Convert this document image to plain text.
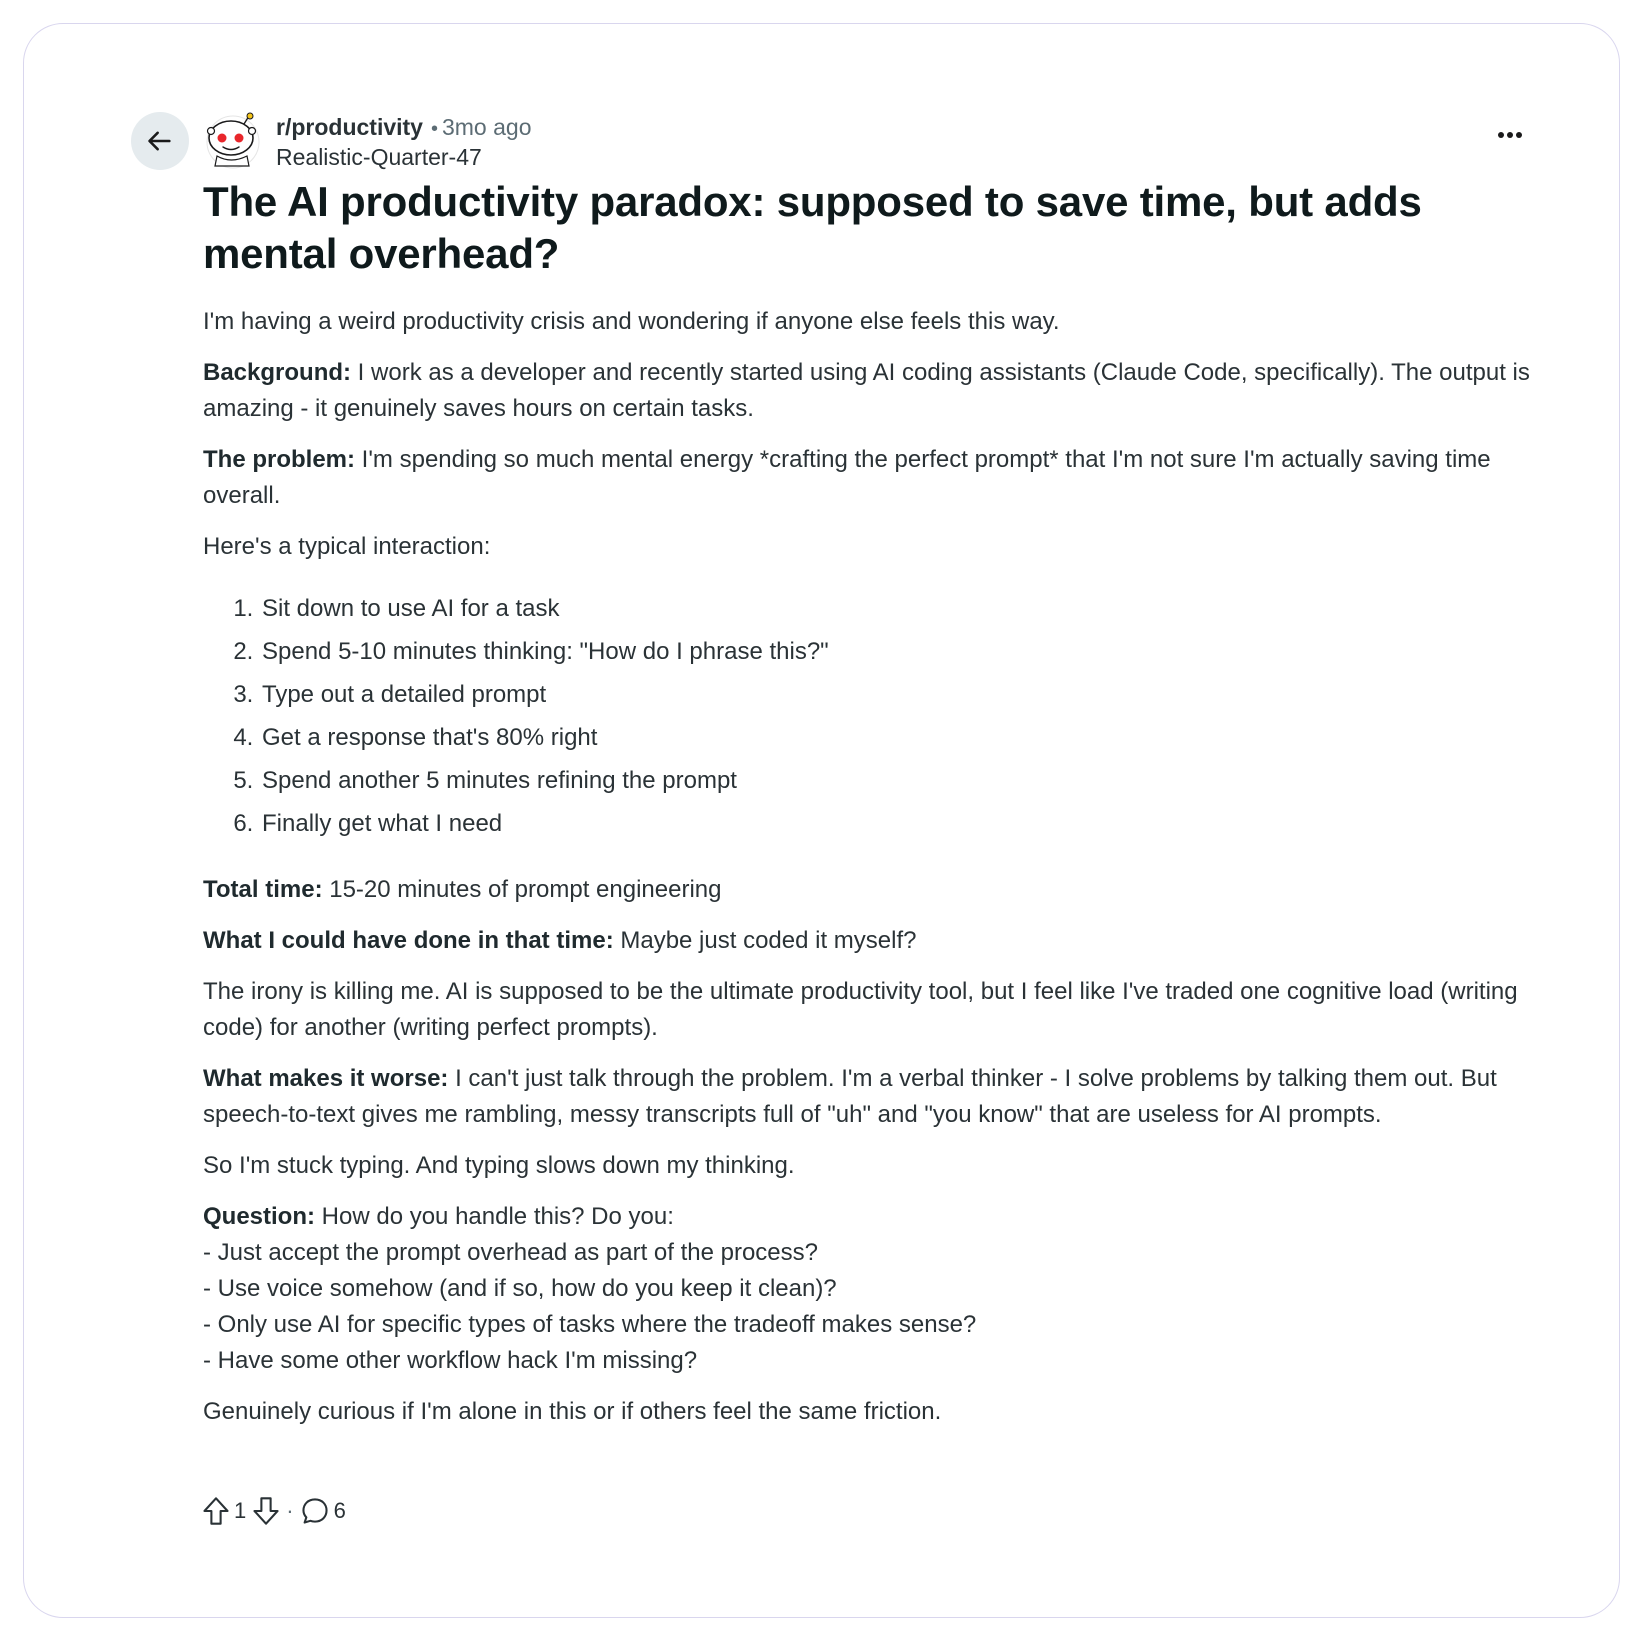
r/productivity • 3mo ago
Realistic-Quarter-47
The AI productivity paradox: supposed to save time, but adds mental overhead?

I'm having a weird productivity crisis and wondering if anyone else feels this way.

Background: I work as a developer and recently started using AI coding assistants (Claude Code, specifically). The output is amazing - it genuinely saves hours on certain tasks.

The problem: I'm spending so much mental energy *crafting the perfect prompt* that I'm not sure I'm actually saving time overall.

Here's a typical interaction:

1. Sit down to use AI for a task
2. Spend 5-10 minutes thinking: "How do I phrase this?"
3. Type out a detailed prompt
4. Get a response that's 80% right
5. Spend another 5 minutes refining the prompt
6. Finally get what I need

Total time: 15-20 minutes of prompt engineering

What I could have done in that time: Maybe just coded it myself?

The irony is killing me. AI is supposed to be the ultimate productivity tool, but I feel like I've traded one cognitive load (writing code) for another (writing perfect prompts).

What makes it worse: I can't just talk through the problem. I'm a verbal thinker - I solve problems by talking them out. But speech-to-text gives me rambling, messy transcripts full of "uh" and "you know" that are useless for AI prompts.

So I'm stuck typing. And typing slows down my thinking.

Question: How do you handle this? Do you:
- Just accept the prompt overhead as part of the process?
- Use voice somehow (and if so, how do you keep it clean)?
- Only use AI for specific types of tasks where the tradeoff makes sense?
- Have some other workflow hack I'm missing?

Genuinely curious if I'm alone in this or if others feel the same friction.

1 · 6
